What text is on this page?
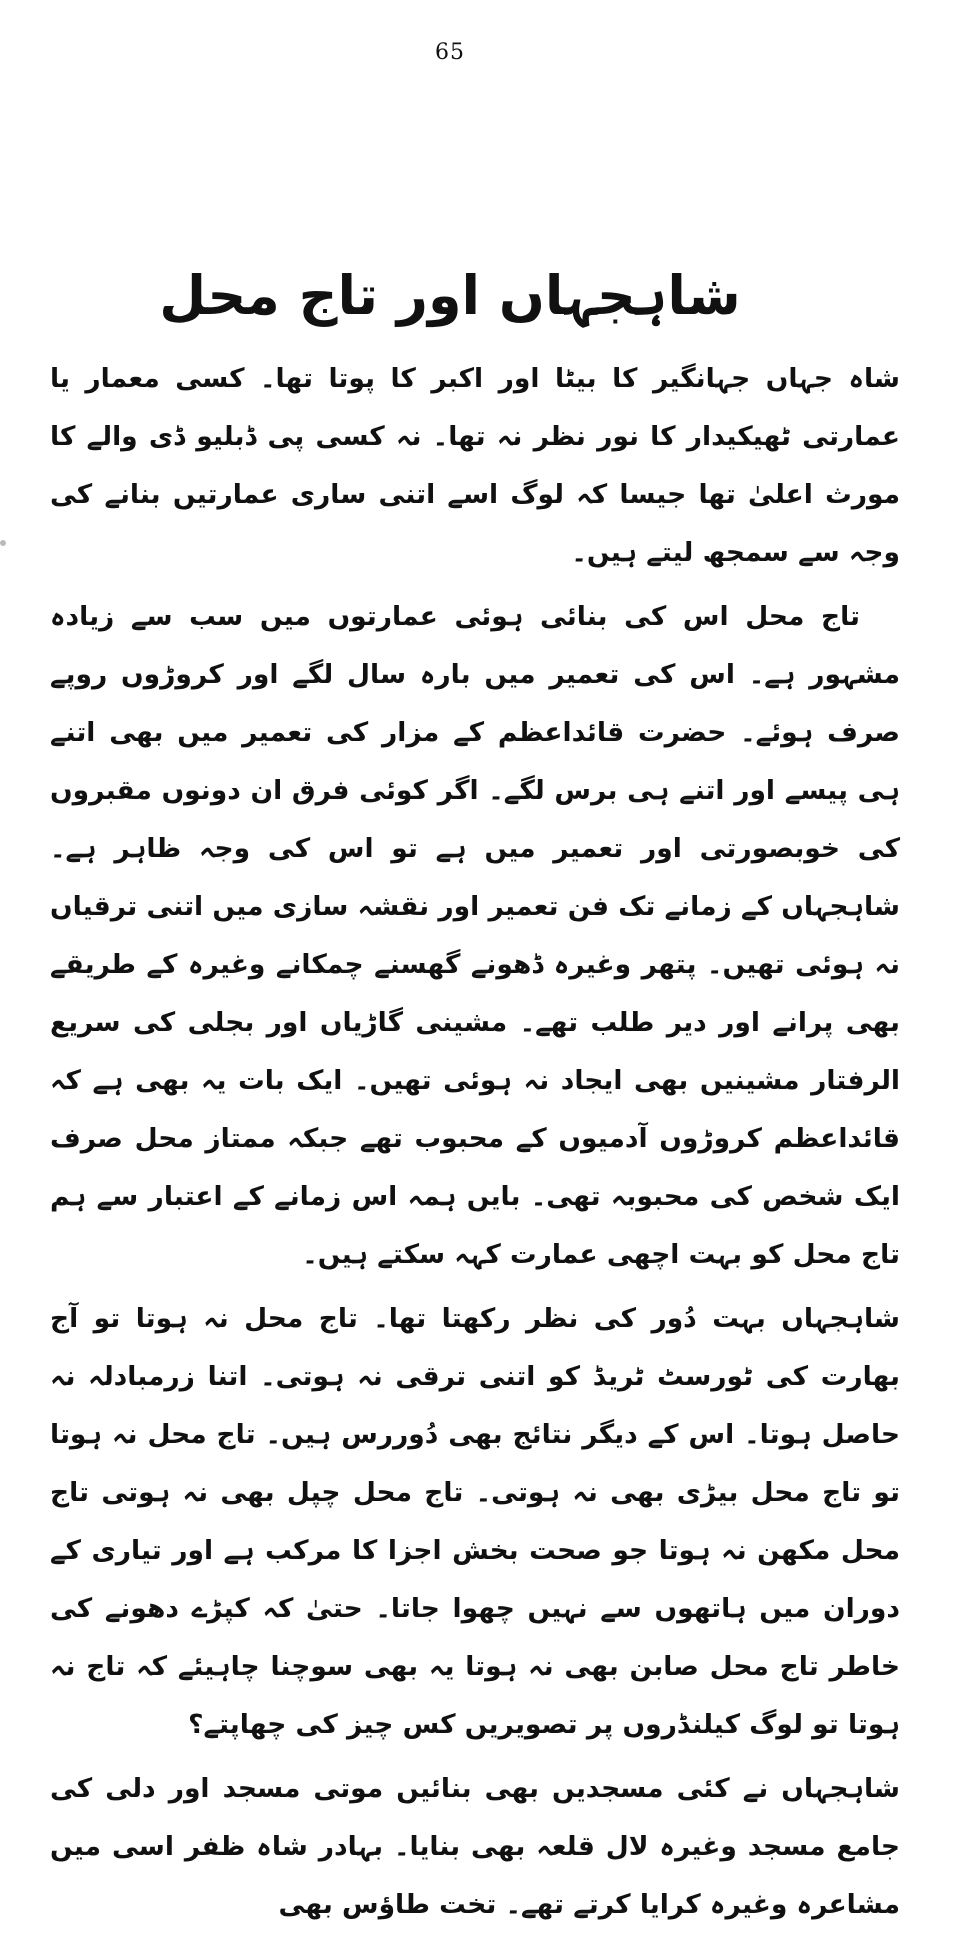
65
شاہجہاں اور تاج محل

شاہ جہاں جہانگیر کا بیٹا اور اکبر کا پوتا تھا۔ کسی معمار یا عمارتی ٹھیکیدار کا نور نظر نہ تھا۔ نہ کسی پی ڈبلیو ڈی والے کا مورث اعلیٰ تھا جیسا کہ لوگ اسے اتنی ساری عمارتیں بنانے کی وجہ سے سمجھ لیتے ہیں۔

تاج محل اس کی بنائی ہوئی عمارتوں میں سب سے زیادہ مشہور ہے۔ اس کی تعمیر میں بارہ سال لگے اور کروڑوں روپے صرف ہوئے۔ حضرت قائداعظم کے مزار کی تعمیر میں بھی اتنے ہی پیسے اور اتنے ہی برس لگے۔ اگر کوئی فرق ان دونوں مقبروں کی خوبصورتی اور تعمیر میں ہے تو اس کی وجہ ظاہر ہے۔ شاہجہاں کے زمانے تک فن تعمیر اور نقشہ سازی میں اتنی ترقیاں نہ ہوئی تھیں۔ پتھر وغیرہ ڈھونے گھسنے چمکانے وغیرہ کے طریقے بھی پرانے اور دیر طلب تھے۔ مشینی گاڑیاں اور بجلی کی سریع الرفتار مشینیں بھی ایجاد نہ ہوئی تھیں۔ ایک بات یہ بھی ہے کہ قائداعظم کروڑوں آدمیوں کے محبوب تھے جبکہ ممتاز محل صرف ایک شخص کی محبوبہ تھی۔ بایں ہمہ اس زمانے کے اعتبار سے ہم تاج محل کو بہت اچھی عمارت کہہ سکتے ہیں۔

شاہجہاں بہت دُور کی نظر رکھتا تھا۔ تاج محل نہ ہوتا تو آج بھارت کی ٹورسٹ ٹریڈ کو اتنی ترقی نہ ہوتی۔ اتنا زرمبادلہ نہ حاصل ہوتا۔ اس کے دیگر نتائج بھی دُوررس ہیں۔ تاج محل نہ ہوتا تو تاج محل بیڑی بھی نہ ہوتی۔ تاج محل چپل بھی نہ ہوتی تاج محل مکھن نہ ہوتا جو صحت بخش اجزا کا مرکب ہے اور تیاری کے دوران میں ہاتھوں سے نہیں چھوا جاتا۔ حتیٰ کہ کپڑے دھونے کی خاطر تاج محل صابن بھی نہ ہوتا یہ بھی سوچنا چاہیئے کہ تاج نہ ہوتا تو لوگ کیلنڈروں پر تصویریں کس چیز کی چھاپتے؟

شاہجہاں نے کئی مسجدیں بھی بنائیں موتی مسجد اور دلی کی جامع مسجد وغیرہ لال قلعہ بھی بنایا۔ بہادر شاہ ظفر اسی میں مشاعرہ وغیرہ کرایا کرتے تھے۔ تخت طاؤس بھی
